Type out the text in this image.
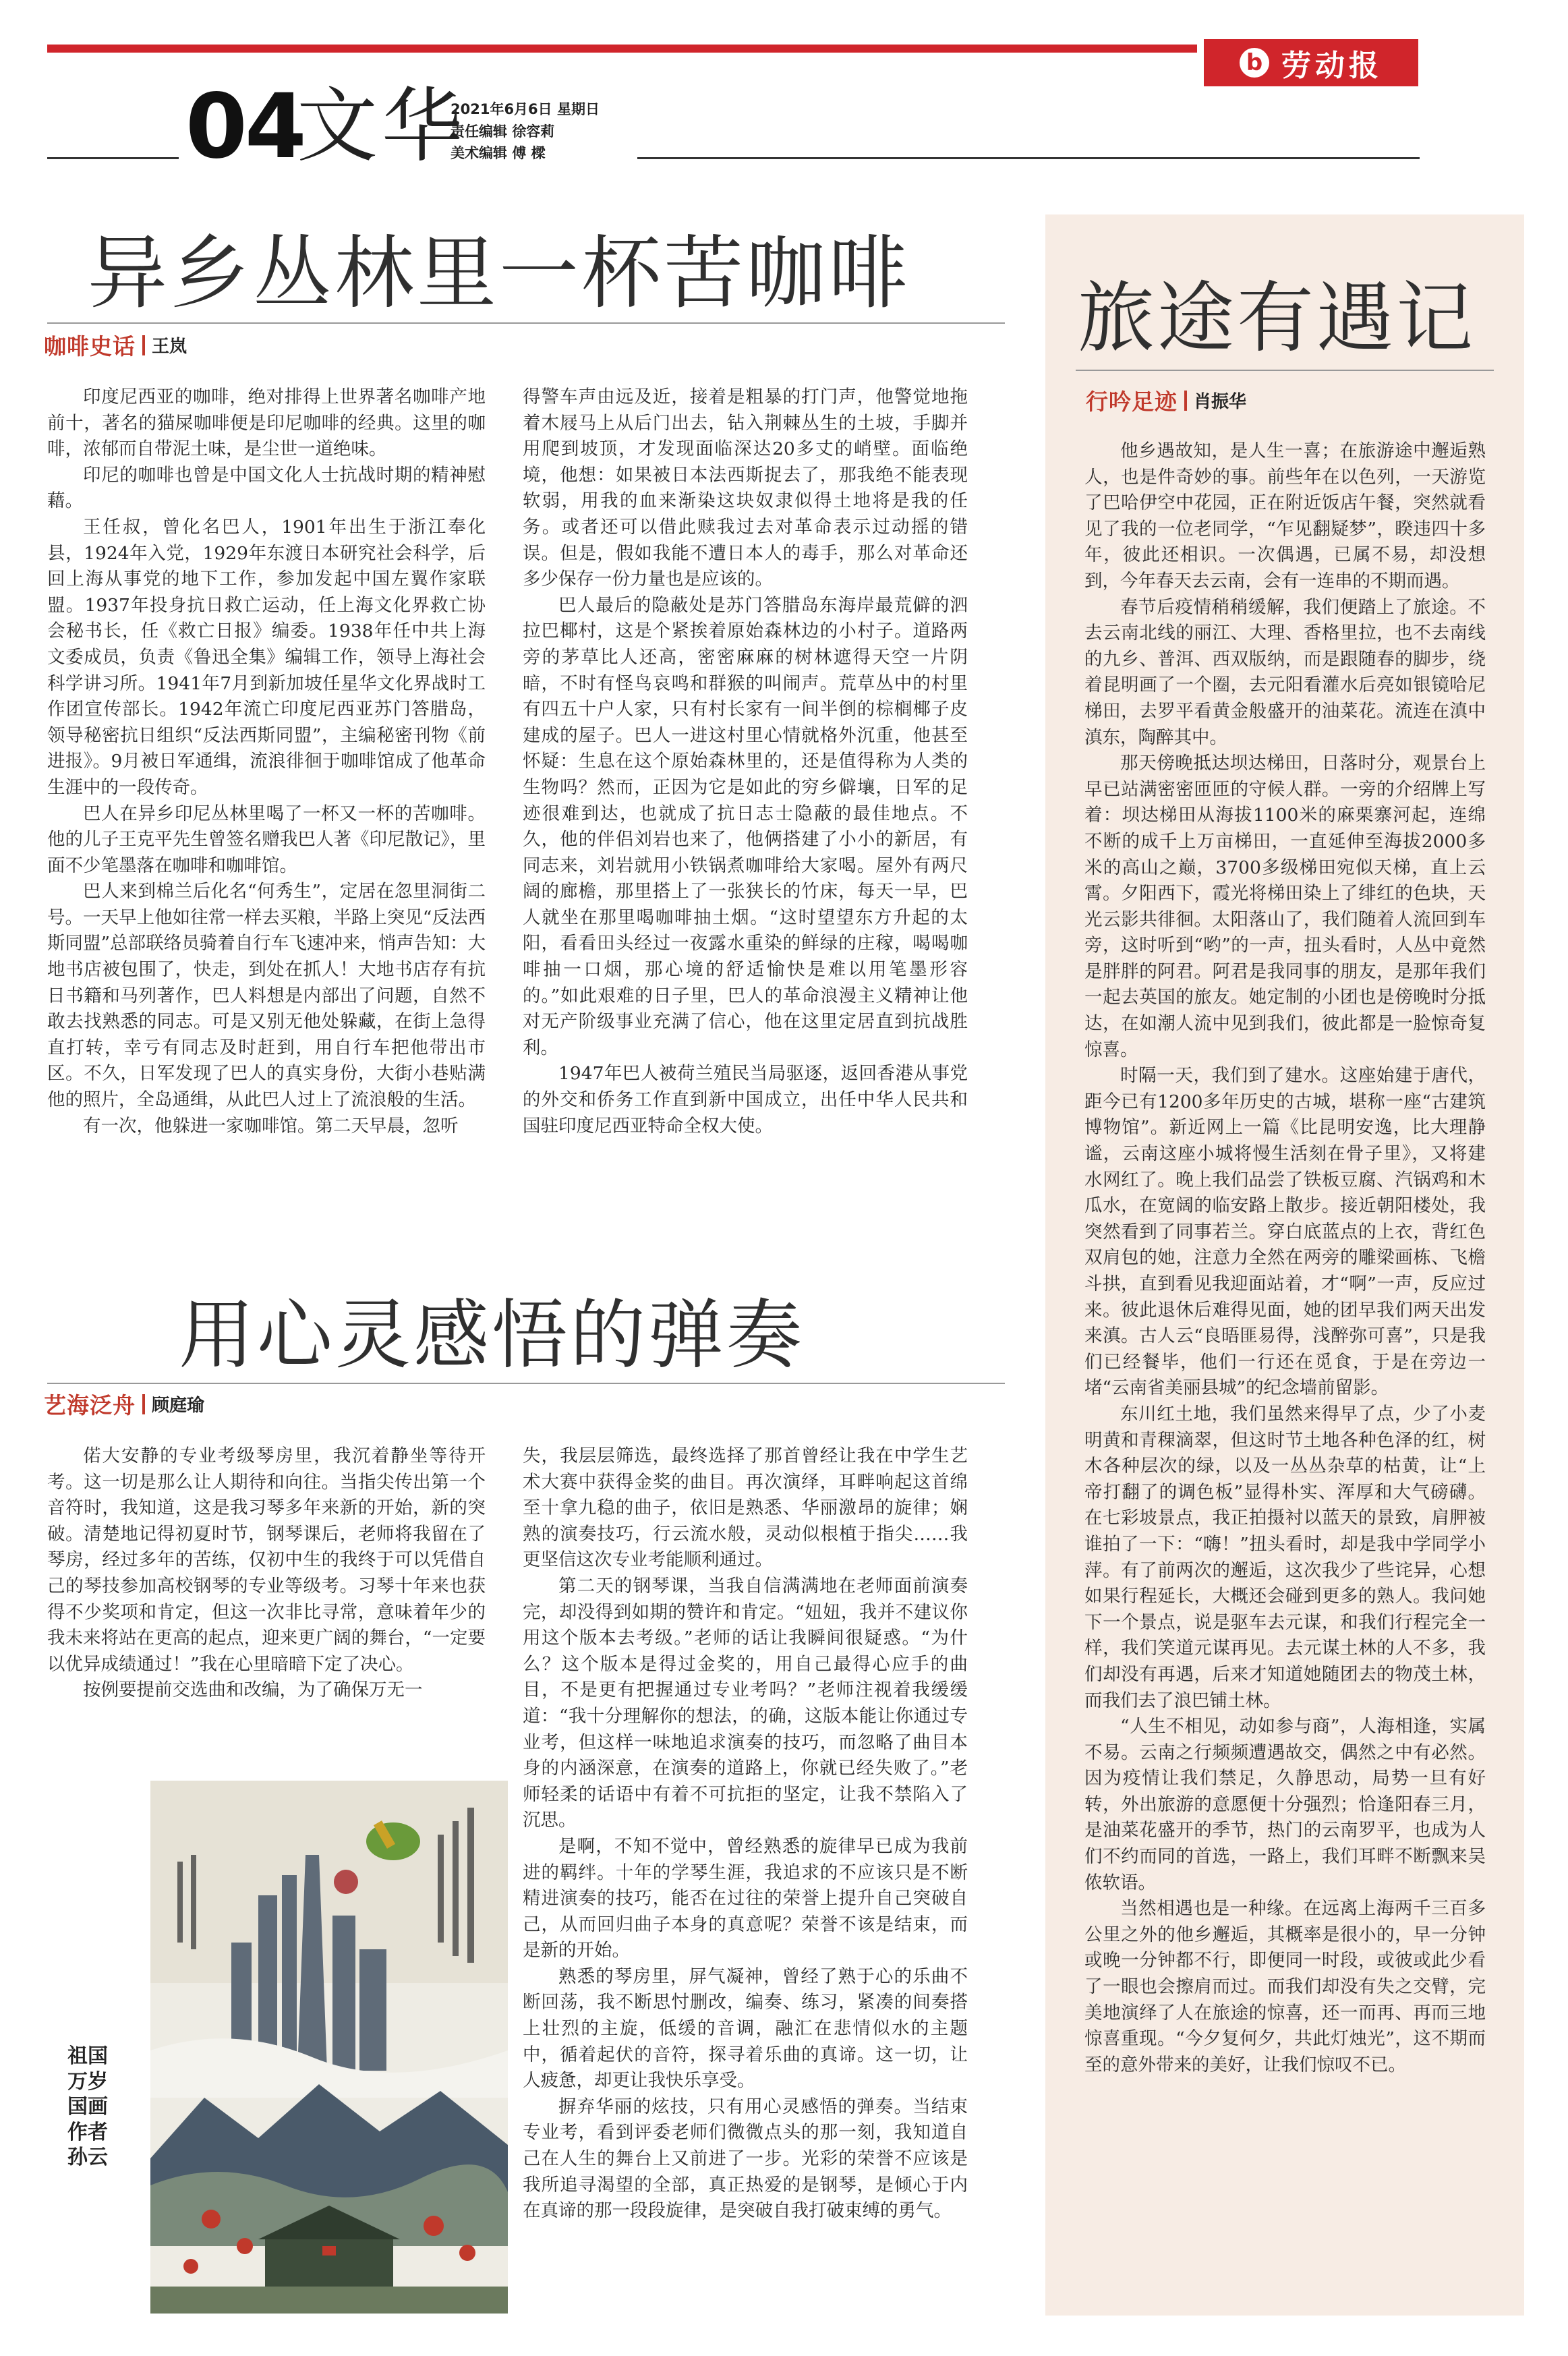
b 劳动报
04
文华
2021年6月6日 星期日
责任编辑 徐容莉
美术编辑 傅 樑
异乡丛林里一杯苦咖啡
咖啡史话 王岚

印度尼西亚的咖啡，绝对排得上世界著名咖啡产地前十，著名的猫屎咖啡便是印尼咖啡的经典。这里的咖啡，浓郁而自带泥土味，是尘世一道绝味。

印尼的咖啡也曾是中国文化人士抗战时期的精神慰藉。

王任叔，曾化名巴人，1901年出生于浙江奉化县，1924年入党，1929年东渡日本研究社会科学，后回上海从事党的地下工作，参加发起中国左翼作家联盟。1937年投身抗日救亡运动，任上海文化界救亡协会秘书长，任《救亡日报》编委。1938年任中共上海文委成员，负责《鲁迅全集》编辑工作，领导上海社会科学讲习所。1941年7月到新加坡任星华文化界战时工作团宣传部长。1942年流亡印度尼西亚苏门答腊岛，领导秘密抗日组织“反法西斯同盟”，主编秘密刊物《前进报》。9月被日军通缉，流浪徘徊于咖啡馆成了他革命生涯中的一段传奇。

巴人在异乡印尼丛林里喝了一杯又一杯的苦咖啡。他的儿子王克平先生曾签名赠我巴人著《印尼散记》，里面不少笔墨落在咖啡和咖啡馆。

巴人来到棉兰后化名“何秀生”，定居在忽里洞街二号。一天早上他如往常一样去买粮，半路上突见“反法西斯同盟”总部联络员骑着自行车飞速冲来，悄声告知：大地书店被包围了，快走，到处在抓人！大地书店存有抗日书籍和马列著作，巴人料想是内部出了问题，自然不敢去找熟悉的同志。可是又别无他处躲藏，在街上急得直打转，幸亏有同志及时赶到，用自行车把他带出市区。不久，日军发现了巴人的真实身份，大街小巷贴满他的照片，全岛通缉，从此巴人过上了流浪般的生活。

有一次，他躲进一家咖啡馆。第二天早晨，忽听

得警车声由远及近，接着是粗暴的打门声，他警觉地拖着木屐马上从后门出去，钻入荆棘丛生的土坡，手脚并用爬到坡顶，才发现面临深达20多丈的峭壁。面临绝境，他想：如果被日本法西斯捉去了，那我绝不能表现软弱，用我的血来渐染这块奴隶似得土地将是我的任务。或者还可以借此赎我过去对革命表示过动摇的错误。但是，假如我能不遭日本人的毒手，那么对革命还多少保存一份力量也是应该的。

巴人最后的隐蔽处是苏门答腊岛东海岸最荒僻的泗拉巴椰村，这是个紧挨着原始森林边的小村子。道路两旁的茅草比人还高，密密麻麻的树林遮得天空一片阴暗，不时有怪鸟哀鸣和群猴的叫闹声。荒草丛中的村里有四五十户人家，只有村长家有一间半倒的棕榈椰子皮建成的屋子。巴人一进这村里心情就格外沉重，他甚至怀疑：生息在这个原始森林里的，还是值得称为人类的生物吗？然而，正因为它是如此的穷乡僻壤，日军的足迹很难到达，也就成了抗日志士隐蔽的最佳地点。不久，他的伴侣刘岩也来了，他俩搭建了小小的新居，有同志来，刘岩就用小铁锅煮咖啡给大家喝。屋外有两尺阔的廊檐，那里搭上了一张狭长的竹床，每天一早，巴人就坐在那里喝咖啡抽土烟。“这时望望东方升起的太阳，看看田头经过一夜露水重染的鲜绿的庄稼，喝喝咖啡抽一口烟，那心境的舒适愉快是难以用笔墨形容的。”如此艰难的日子里，巴人的革命浪漫主义精神让他对无产阶级事业充满了信心，他在这里定居直到抗战胜利。

1947年巴人被荷兰殖民当局驱逐，返回香港从事党的外交和侨务工作直到新中国成立，出任中华人民共和国驻印度尼西亚特命全权大使。

用心灵感悟的弹奏
艺海泛舟 顾庭瑜

偌大安静的专业考级琴房里，我沉着静坐等待开考。这一切是那么让人期待和向往。当指尖传出第一个音符时，我知道，这是我习琴多年来新的开始，新的突破。清楚地记得初夏时节，钢琴课后，老师将我留在了琴房，经过多年的苦练，仅初中生的我终于可以凭借自己的琴技参加高校钢琴的专业等级考。习琴十年来也获得不少奖项和肯定，但这一次非比寻常，意味着年少的我未来将站在更高的起点，迎来更广阔的舞台，“一定要以优异成绩通过！”我在心里暗暗下定了决心。

按例要提前交选曲和改编，为了确保万无一

失，我层层筛选，最终选择了那首曾经让我在中学生艺术大赛中获得金奖的曲目。再次演绎，耳畔响起这首绵至十拿九稳的曲子，依旧是熟悉、华丽激昂的旋律；娴熟的演奏技巧，行云流水般，灵动似根植于指尖……我更坚信这次专业考能顺利通过。

第二天的钢琴课，当我自信满满地在老师面前演奏完，却没得到如期的赞许和肯定。“妞妞，我并不建议你用这个版本去考级。”老师的话让我瞬间很疑惑。“为什么？这个版本是得过金奖的，用自己最得心应手的曲目，不是更有把握通过专业考吗？”老师注视着我缓缓道：“我十分理解你的想法，的确，这版本能让你通过专业考，但这样一味地追求演奏的技巧，而忽略了曲目本身的内涵深意，在演奏的道路上，你就已经失败了。”老师轻柔的话语中有着不可抗拒的坚定，让我不禁陷入了沉思。

是啊，不知不觉中，曾经熟悉的旋律早已成为我前进的羁绊。十年的学琴生涯，我追求的不应该只是不断精进演奏的技巧，能否在过往的荣誉上提升自己突破自己，从而回归曲子本身的真意呢？荣誉不该是结束，而是新的开始。

熟悉的琴房里，屏气凝神，曾经了熟于心的乐曲不断回荡，我不断思忖删改，编奏、练习，紧凑的间奏搭上壮烈的主旋，低缓的音调，融汇在悲情似水的主题中，循着起伏的音符，探寻着乐曲的真谛。这一切，让人疲惫，却更让我快乐享受。

摒弃华丽的炫技，只有用心灵感悟的弹奏。当结束专业考，看到评委老师们微微点头的那一刻，我知道自己在人生的舞台上又前进了一步。光彩的荣誉不应该是我所追寻渴望的全部，真正热爱的是钢琴，是倾心于内在真谛的那一段段旋律，是突破自我打破束缚的勇气。

祖国万岁　国画　作者　孙云
旅途有遇记
行吟足迹 肖振华

他乡遇故知，是人生一喜；在旅游途中邂逅熟人，也是件奇妙的事。前些年在以色列，一天游览了巴哈伊空中花园，正在附近饭店午餐，突然就看见了我的一位老同学，“乍见翻疑梦”，睽违四十多年，彼此还相识。一次偶遇，已属不易，却没想到，今年春天去云南，会有一连串的不期而遇。

春节后疫情稍稍缓解，我们便踏上了旅途。不去云南北线的丽江、大理、香格里拉，也不去南线的九乡、普洱、西双版纳，而是跟随春的脚步，绕着昆明画了一个圈，去元阳看灌水后亮如银镜哈尼梯田，去罗平看黄金般盛开的油菜花。流连在滇中滇东，陶醉其中。

那天傍晚抵达坝达梯田，日落时分，观景台上早已站满密密匝匝的守候人群。一旁的介绍牌上写着：坝达梯田从海拔1100米的麻栗寨河起，连绵不断的成千上万亩梯田，一直延伸至海拔2000多米的高山之巅，3700多级梯田宛似天梯，直上云霄。夕阳西下，霞光将梯田染上了绯红的色块，天光云影共徘徊。太阳落山了，我们随着人流回到车旁，这时听到“哟”的一声，扭头看时，人丛中竟然是胖胖的阿君。阿君是我同事的朋友，是那年我们一起去英国的旅友。她定制的小团也是傍晚时分抵达，在如潮人流中见到我们，彼此都是一脸惊奇复惊喜。

时隔一天，我们到了建水。这座始建于唐代，距今已有1200多年历史的古城，堪称一座“古建筑博物馆”。新近网上一篇《比昆明安逸，比大理静谧，云南这座小城将慢生活刻在骨子里》，又将建水网红了。晚上我们品尝了铁板豆腐、汽锅鸡和木瓜水，在宽阔的临安路上散步。接近朝阳楼处，我突然看到了同事若兰。穿白底蓝点的上衣，背红色双肩包的她，注意力全然在两旁的雕梁画栋、飞檐斗拱，直到看见我迎面站着，才“啊”一声，反应过来。彼此退休后难得见面，她的团早我们两天出发来滇。古人云“良晤匪易得，浅醉弥可喜”，只是我们已经餐毕，他们一行还在觅食，于是在旁边一堵“云南省美丽县城”的纪念墙前留影。

东川红土地，我们虽然来得早了点，少了小麦明黄和青稞滴翠，但这时节土地各种色泽的红，树木各种层次的绿，以及一丛丛杂草的枯黄，让“上帝打翻了的调色板”显得朴实、浑厚和大气磅礴。在七彩坡景点，我正拍摄衬以蓝天的景致，肩胛被谁拍了一下：“嗨！”扭头看时，却是我中学同学小萍。有了前两次的邂逅，这次我少了些诧异，心想如果行程延长，大概还会碰到更多的熟人。我问她下一个景点，说是驱车去元谋，和我们行程完全一样，我们笑道元谋再见。去元谋土林的人不多，我们却没有再遇，后来才知道她随团去的物茂土林，而我们去了浪巴铺土林。

“人生不相见，动如参与商”，人海相逢，实属不易。云南之行频频遭遇故交，偶然之中有必然。因为疫情让我们禁足，久静思动，局势一旦有好转，外出旅游的意愿便十分强烈；恰逢阳春三月，是油菜花盛开的季节，热门的云南罗平，也成为人们不约而同的首选，一路上，我们耳畔不断飘来吴侬软语。

当然相遇也是一种缘。在远离上海两千三百多公里之外的他乡邂逅，其概率是很小的，早一分钟或晚一分钟都不行，即便同一时段，或彼或此少看了一眼也会擦肩而过。而我们却没有失之交臂，完美地演绎了人在旅途的惊喜，还一而再、再而三地惊喜重现。“今夕复何夕，共此灯烛光”，这不期而至的意外带来的美好，让我们惊叹不已。
